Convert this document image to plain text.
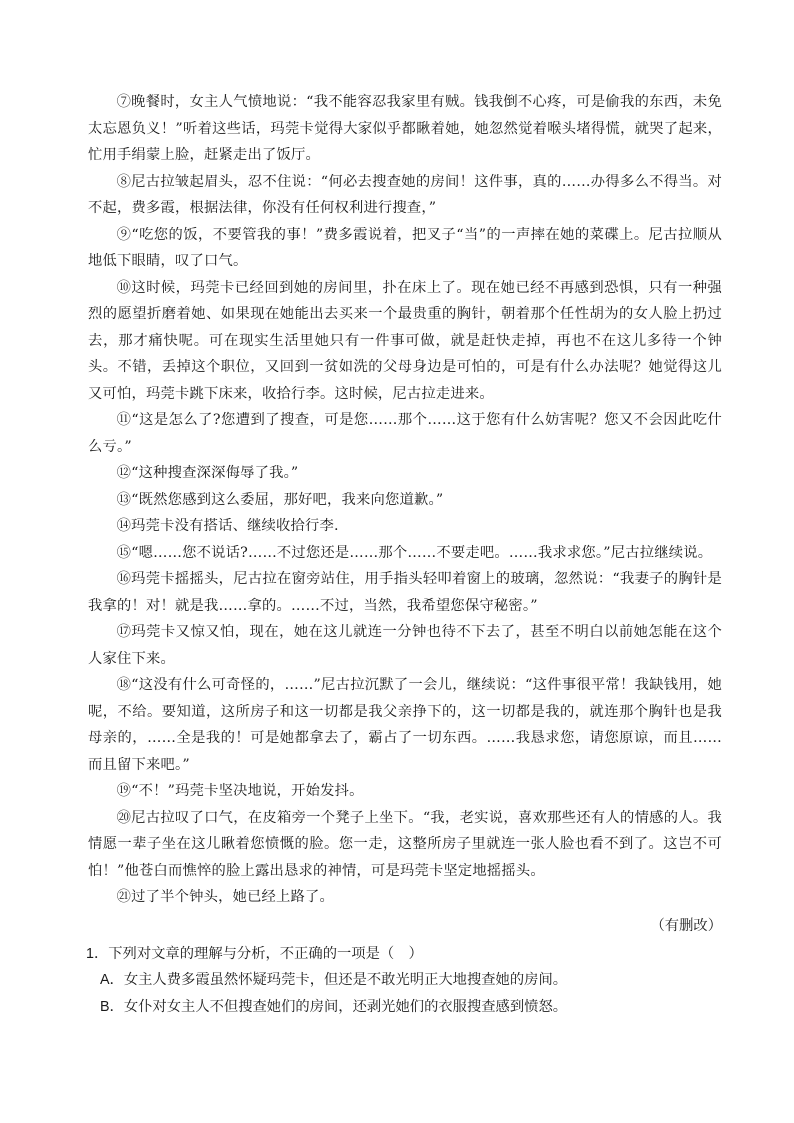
⑦晚餐时，女主人气愤地说：“我不能容忍我家里有贼。钱我倒不心疼，可是偷我的东西，未免太忘恩负义！”听着这些话，玛莞卡觉得大家似乎都瞅着她，她忽然觉着喉头堵得慌，就哭了起来，忙用手绢蒙上脸，赶紧走出了饭厅。

⑧尼古拉皱起眉头，忍不住说：“何必去搜查她的房间！这件事，真的……办得多么不得当。对不起，费多霞，根据法律，你没有任何权利进行搜查，”

⑨“吃您的饭，不要管我的事！”费多霞说着，把叉子“当”的一声摔在她的菜碟上。尼古拉顺从地低下眼睛，叹了口气。

⑩这时候，玛莞卡已经回到她的房间里，扑在床上了。现在她已经不再感到恐惧，只有一种强烈的愿望折磨着她、如果现在她能出去买来一个最贵重的胸针，朝着那个任性胡为的女人脸上扔过去，那才痛快呢。可在现实生活里她只有一件事可做，就是赶快走掉，再也不在这儿多待一个钟头。不错，丢掉这个职位，又回到一贫如洗的父母身边是可怕的，可是有什么办法呢？她觉得这儿又可怕，玛莞卡跳下床来，收拾行李。这时候，尼古拉走进来。

⑪“这是怎么了?您遭到了搜查，可是您……那个……这于您有什么妨害呢？您又不会因此吃什么亏。”

⑫“这种搜查深深侮辱了我。”

⑬“既然您感到这么委屈，那好吧，我来向您道歉。”

⑭玛莞卡没有搭话、继续收拾行李.

⑮“嗯……您不说话?……不过您还是……那个……不要走吧。……我求求您。”尼古拉继续说。

⑯玛莞卡摇摇头，尼古拉在窗旁站住，用手指头轻叩着窗上的玻璃，忽然说：“我妻子的胸针是我拿的！对！就是我……拿的。……不过，当然，我希望您保守秘密。”

⑰玛莞卡又惊又怕，现在，她在这儿就连一分钟也待不下去了，甚至不明白以前她怎能在这个人家住下来。

⑱“这没有什么可奇怪的，……”尼古拉沉默了一会儿，继续说：“这件事很平常！我缺钱用，她呢，不给。要知道，这所房子和这一切都是我父亲挣下的，这一切都是我的，就连那个胸针也是我母亲的，……全是我的！可是她都拿去了，霸占了一切东西。……我恳求您，请您原谅，而且……而且留下来吧。”

⑲“不！”玛莞卡坚决地说，开始发抖。

⑳尼古拉叹了口气，在皮箱旁一个凳子上坐下。“我，老实说，喜欢那些还有人的情感的人。我情愿一辈子坐在这儿瞅着您愤慨的脸。您一走，这整所房子里就连一张人脸也看不到了。这岂不可怕！”他苍白而憔悴的脸上露出恳求的神情，可是玛莞卡坚定地摇摇头。

㉑过了半个钟头，她已经上路了。

（有删改）

1．下列对文章的理解与分析，不正确的一项是（　）

A．女主人费多霞虽然怀疑玛莞卡，但还是不敢光明正大地搜查她的房间。

B．女仆对女主人不但搜查她们的房间，还剥光她们的衣服搜查感到愤怒。
